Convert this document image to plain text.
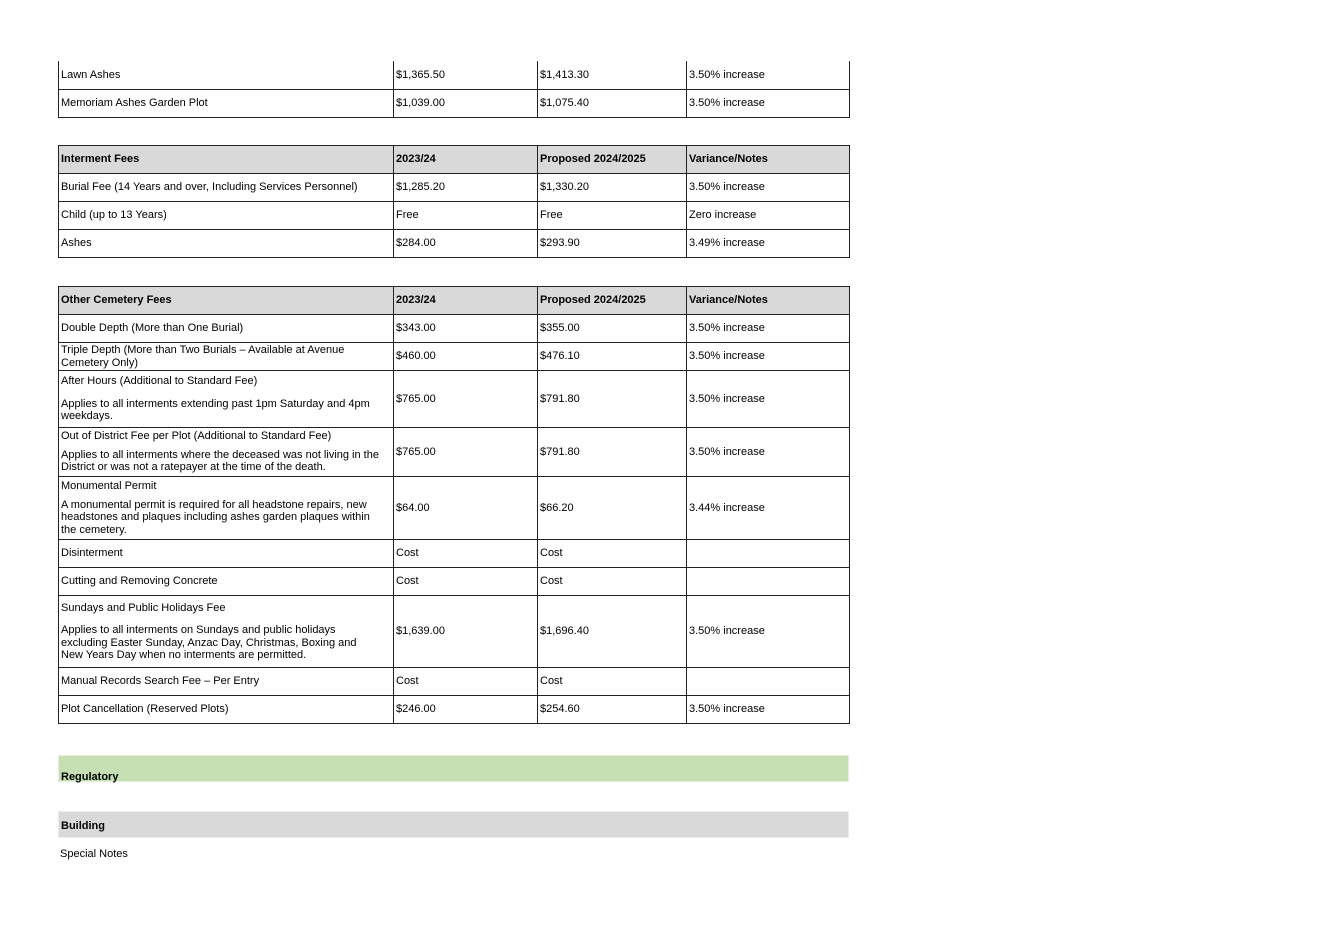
Lawn Ashes	$1,365.50	$1,413.30	3.50% increase
Memoriam Ashes Garden Plot	$1,039.00	$1,075.40	3.50% increase
Interment Fees	2023/24	Proposed 2024/2025	Variance/Notes
Burial Fee (14 Years and over, Including Services Personnel)	$1,285.20	$1,330.20	3.50% increase
Child (up to 13 Years)	Free	Free	Zero increase
Ashes	$284.00	$293.90	3.49% increase
Other Cemetery Fees	2023/24	Proposed 2024/2025	Variance/Notes
Double Depth (More than One Burial)	$343.00	$355.00	3.50% increase
Triple Depth (More than Two Burials – Available at Avenue Cemetery Only)	$460.00	$476.10	3.50% increase

After Hours (Additional to Standard Fee)
Applies to all interments extending past 1pm Saturday and 4pm weekdays.	$765.00	$791.80	3.50% increase

Out of District Fee per Plot (Additional to Standard Fee)
Applies to all interments where the deceased was not living in the District or was not a ratepayer at the time of the death.	$765.00	$791.80	3.50% increase

Monumental Permit
A monumental permit is required for all headstone repairs, new headstones and plaques including ashes garden plaques within the cemetery.	$64.00	$66.20	3.44% increase
Disinterment	Cost	Cost	
Cutting and Removing Concrete	Cost	Cost	

Sundays and Public Holidays Fee
Applies to all interments on Sundays and public holidays excluding Easter Sunday, Anzac Day, Christmas, Boxing and New Years Day when no interments are permitted.	$1,639.00	$1,696.40	3.50% increase
Manual Records Search Fee – Per Entry	Cost	Cost	
Plot Cancellation (Reserved Plots)	$246.00	$254.60	3.50% increase
Regulatory
Building
Special Notes
